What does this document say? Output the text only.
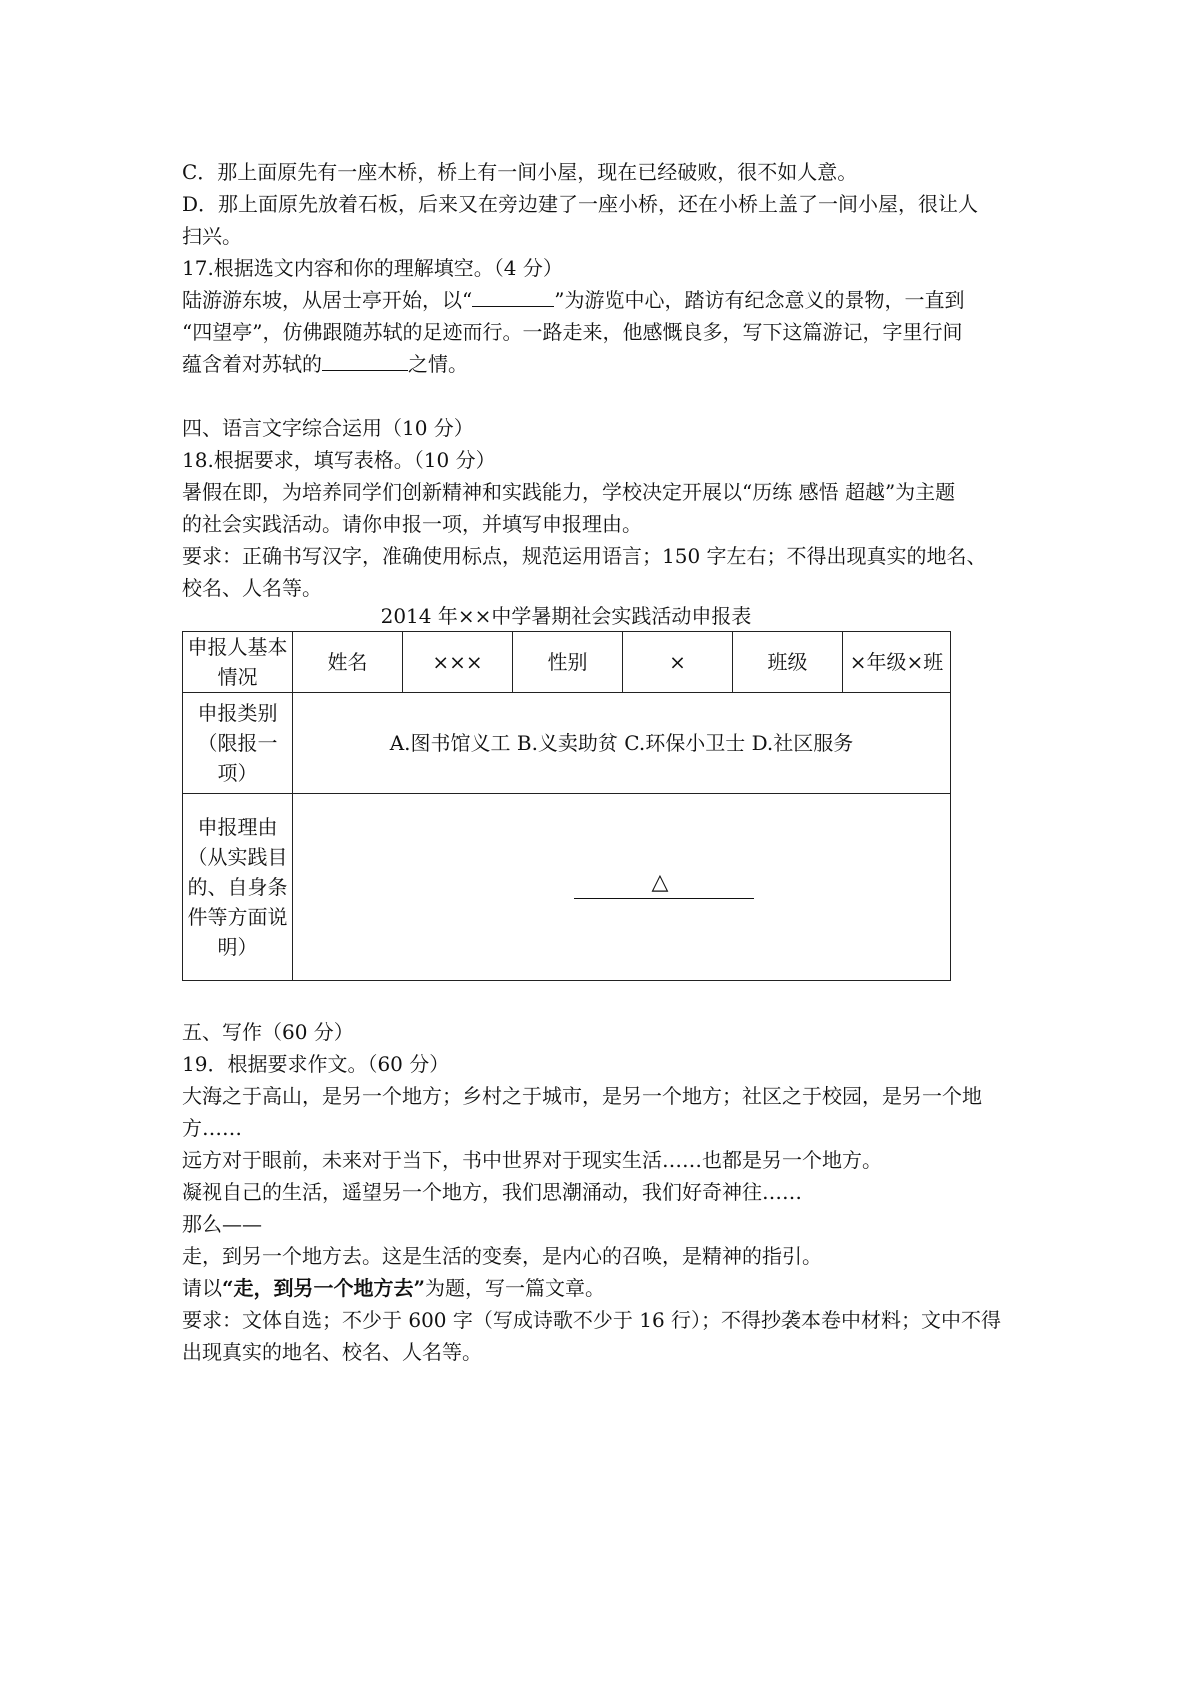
C．那上面原先有一座木桥，桥上有一间小屋，现在已经破败，很不如人意。
D．那上面原先放着石板，后来又在旁边建了一座小桥，还在小桥上盖了一间小屋，很让人
扫兴。
17.根据选文内容和你的理解填空。（4 分）
陆游游东坡，从居士亭开始，以“	”为游览中心，踏访有纪念意义的景物，一直到
“四望亭”，仿佛跟随苏轼的足迹而行。一路走来，他感慨良多，写下这篇游记，字里行间
蕴含着对苏轼的	之情。
四、语言文字综合运用（10 分）
18.根据要求，填写表格。（10 分）
暑假在即，为培养同学们创新精神和实践能力，学校决定开展以“历练 感悟 超越”为主题
的社会实践活动。请你申报一项，并填写申报理由。
要求：正确书写汉字，准确使用标点，规范运用语言；150 字左右；不得出现真实的地名、
校名、人名等。
2014 年××中学暑期社会实践活动申报表
申报人基本情况	姓名	×××	性别	×	班级	×年级×班
申报类别（限报一项）	A.图书馆义工 B.义卖助贫 C.环保小卫士 D.社区服务					
申报理由（从实践目的、自身条件等方面说明）	△					
五、写作（60 分）
19．根据要求作文。（60 分）
大海之于高山，是另一个地方；乡村之于城市，是另一个地方；社区之于校园，是另一个地
方……
远方对于眼前，未来对于当下，书中世界对于现实生活……也都是另一个地方。
凝视自己的生活，遥望另一个地方，我们思潮涌动，我们好奇神往……
那么——
走，到另一个地方去。这是生活的变奏，是内心的召唤，是精神的指引。
请以“走，到另一个地方去”为题，写一篇文章。
要求：文体自选；不少于 600 字（写成诗歌不少于 16 行）；不得抄袭本卷中材料；文中不得
出现真实的地名、校名、人名等。
